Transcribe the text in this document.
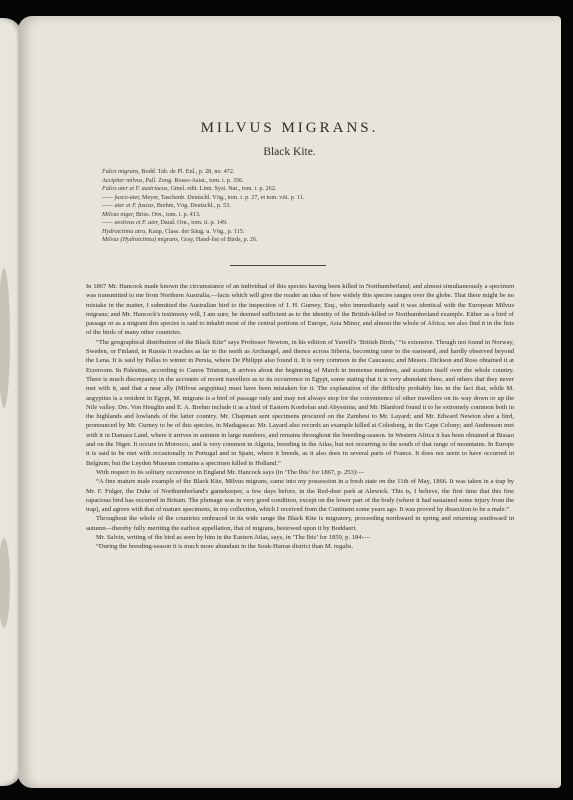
MILVUS MIGRANS.
Black Kite.
Falco migrans, Bodd. Tab. de Pl. Enl., p. 28, no. 472.
Accipiter milvus, Pall. Zoog. Rosso-Asiat., tom. i. p. 356.
Falco ater et F. austriacus, Gmel. edit. Linn. Syst. Nat., tom. i. p. 262.
—— fusco-ater, Meyer, Taschenb. Deutschl. Vög., tom. i. p. 27, et tom. viii. p. 11.
—— ater et F. fuscus, Brehm, Vög. Deutschl., p. 53.
Milvus niger, Briss. Orn., tom. i. p. 413.
—— aestivus et F. ater, Daud. Orn., tom. ii. p. 149.
Hydroictinia atra, Kaup, Class. der Säug. u. Vög., p. 115.
Milvus (Hydroictinia) migrans, Gray, Hand-list of Birds, p. 26.

In 1867 Mr. Hancock made known the circumstance of an individual of this species having been killed in Northumberland; and almost simultaneously a specimen was transmitted to me from Northern Australia,—facts which will give the reader an idea of how widely this species ranges over the globe. That there might be no mistake in the matter, I submitted the Australian bird to the inspection of J. H. Gurney, Esq., who immediately said it was identical with the European Milvus migrans; and Mr. Hancock's testimony will, I am sure, be deemed sufficient as to the identity of the British-killed or Northumberland example. Either as a bird of passage or as a migrant this species is said to inhabit most of the central portions of Europe, Asia Minor, and almost the whole of Africa; we also find it in the lists of the birds of many other countries.

“The geographical distribution of the Black Kite” says Professor Newton, in his edition of Yarrell's ‘British Birds,’ “is extensive. Though not found in Norway, Sweden, or Finland, in Russia it reaches as far to the north as Archangel, and thence across Siberia, becoming rarer to the eastward, and hardly observed beyond the Lena. It is said by Pallas to winter in Persia, where De Philippi also found it. It is very common in the Caucasus; and Messrs. Dickson and Ross obtained it at Erzeroom. In Palestine, according to Canon Tristram, it arrives about the beginning of March in immense numbers, and scatters itself over the whole country. There is much discrepancy in the accounts of recent travellers as to its occurrence in Egypt, some stating that it is very abundant there, and others that they never met with it, and that a near ally (Milvus aegyptius) must have been mistaken for it. The explanation of the difficulty probably lies in the fact that, while M. aegyptius is a resident in Egypt, M. migrans is a bird of passage only and may not always stop for the convenience of other travellers on its way down or up the Nile valley. Drs. Von Heuglin and E. A. Brehm include it as a bird of Eastern Kordofan and Abyssinia; and Mr. Blanford found it to be extremely common both in the highlands and lowlands of the latter country. Mr. Chapman sent specimens procured on the Zambesi to Mr. Layard; and Mr. Edward Newton shot a bird, pronounced by Mr. Gurney to be of this species, in Madagascar. Mr. Layard also records an example killed at Colesberg, in the Cape Colony; and Andersson met with it in Damara Land, where it arrives in autumn in large numbers, and remains throughout the breeding-season. In Western Africa it has been obtained at Bissao and on the Niger. It occurs in Morocco, and is very common in Algeria, breeding in the Atlas, but not occurring to the south of that range of mountains. In Europe it is said to be met with occasionally in Portugal and in Spain, where it breeds, as it also does in several parts of France. It does not seem to have occurred in Belgium; but the Leyden Museum contains a specimen killed in Holland.”

With respect to its solitary occurrence in England Mr. Hancock says (in ‘The Ibis’ for 1867, p. 253):—

“A fine mature male example of the Black Kite, Milvus migrans, came into my possession in a fresh state on the 11th of May, 1866. It was taken in a trap by Mr. F. Fulger, the Duke of Northumberland's gamekeeper, a few days before, in the Red-deer park at Alnwick. This is, I believe, the first time that this fine rapacious bird has occurred in Britain. The plumage was in very good condition, except on the lower part of the body (where it had sustained some injury from the trap), and agrees with that of mature specimens, in my collection, which I received from the Continent some years ago. It was proved by dissection to be a male.”

Throughout the whole of the countries embraced in its wide range the Black Kite is migratory, proceeding northward in spring and returning southward in autumn—thereby fully meriting the earliest appellation, that of migrans, bestowed upon it by Boddaert.

Mr. Salvin, writing of the bird as seen by him in the Eastern Atlas, says, in ‘The Ibis’ for 1859, p. 184:—

“During the breeding-season it is much more abundant in the Souk-Harras district than M. regalis.
